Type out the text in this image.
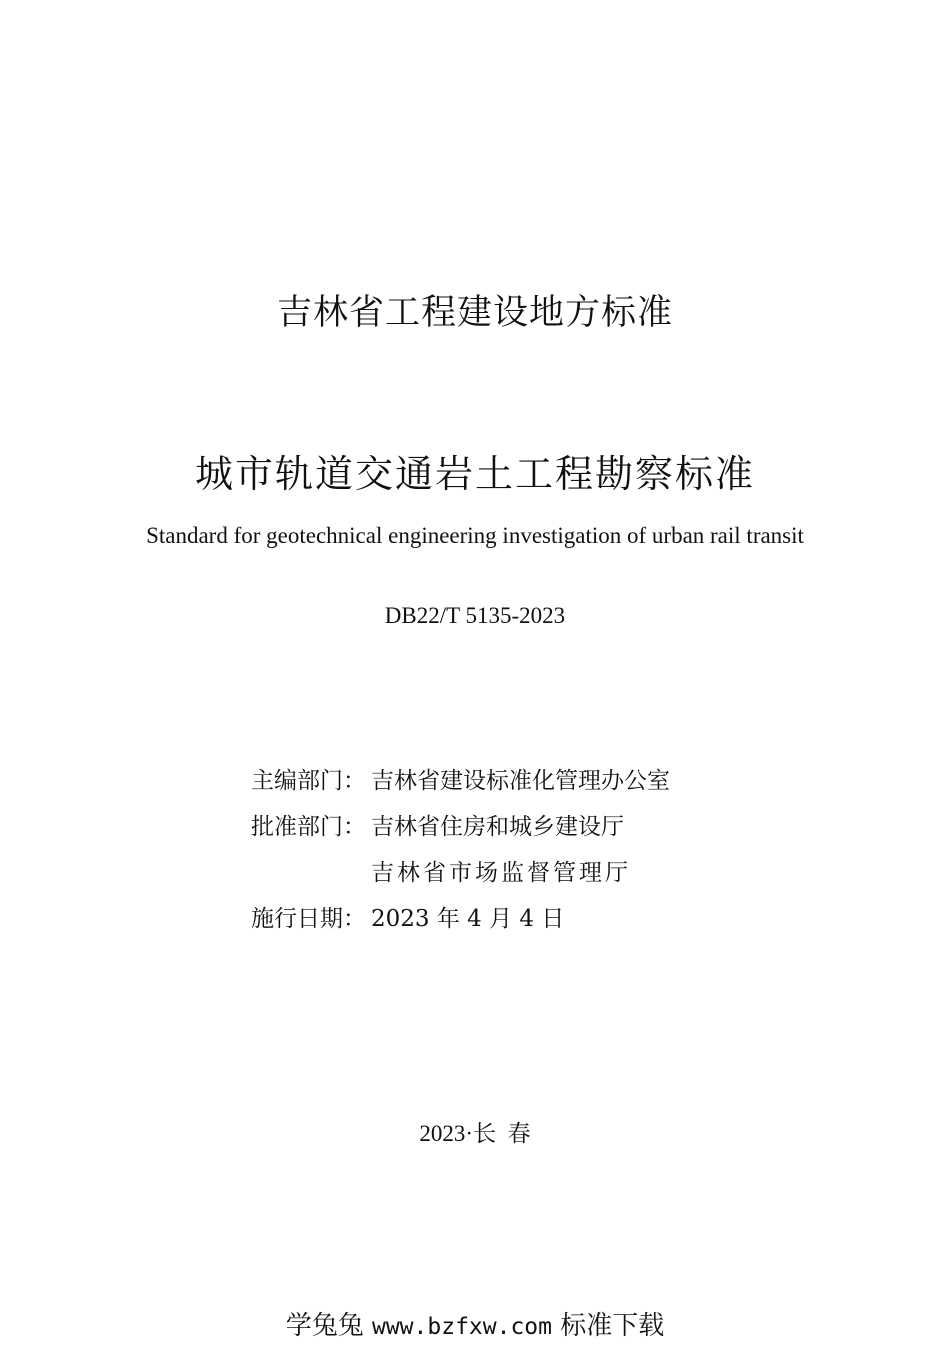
吉林省工程建设地方标准
城市轨道交通岩土工程勘察标准
Standard for geotechnical engineering investigation of urban rail transit
DB22/T 5135-2023
主编部门： 吉林省建设标准化管理办公室
批准部门： 吉林省住房和城乡建设厅
吉林省市场监督管理厅
施行日期： 2023 年 4 月 4 日
2023·长  春
学兔兔 www.bzfxw.com 标准下载
